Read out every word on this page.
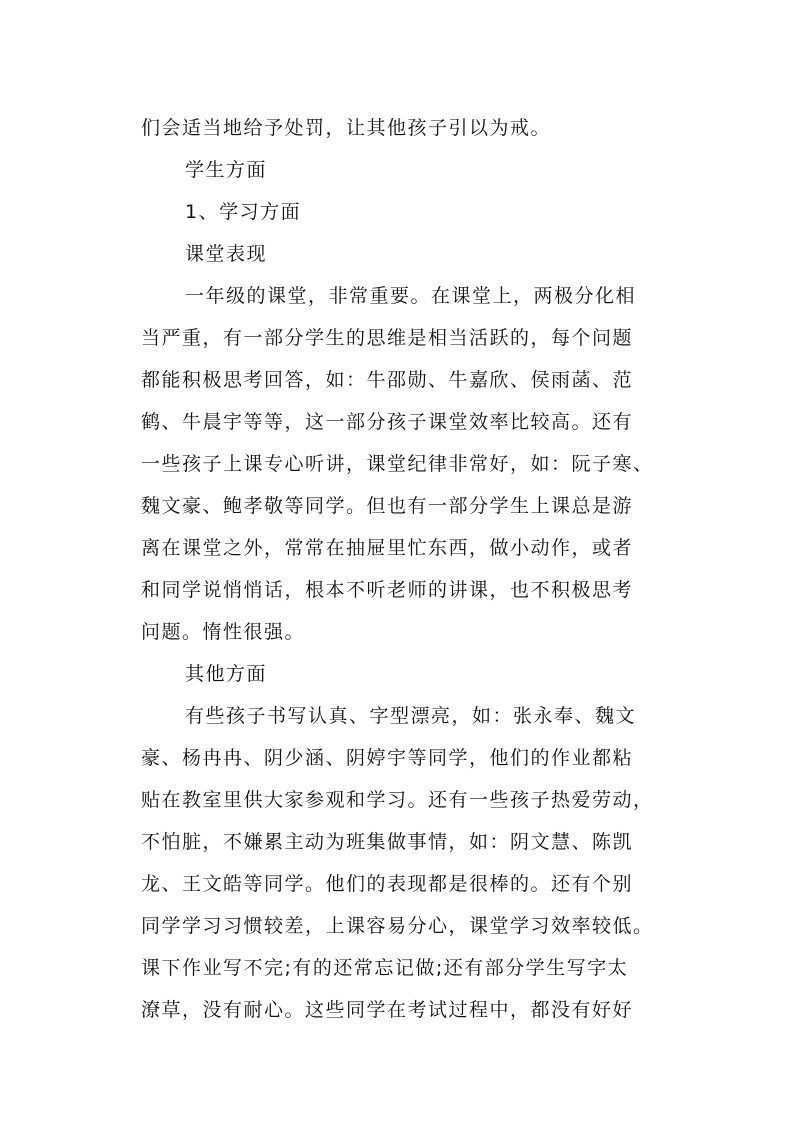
们会适当地给予处罚，让其他孩子引以为戒。
学生方面
1、学习方面
课堂表现
一年级的课堂，非常重要。在课堂上，两极分化相
当严重，有一部分学生的思维是相当活跃的，每个问题
都能积极思考回答，如：牛邵勋、牛嘉欣、侯雨菡、范
鹤、牛晨宇等等，这一部分孩子课堂效率比较高。还有
一些孩子上课专心听讲，课堂纪律非常好，如：阮子寒、
魏文豪、鲍孝敬等同学。但也有一部分学生上课总是游
离在课堂之外，常常在抽屉里忙东西，做小动作，或者
和同学说悄悄话，根本不听老师的讲课，也不积极思考
问题。惰性很强。
其他方面
有些孩子书写认真、字型漂亮，如：张永奉、魏文
豪、杨冉冉、阴少涵、阴婷宇等同学，他们的作业都粘
贴在教室里供大家参观和学习。还有一些孩子热爱劳动，
不怕脏，不嫌累主动为班集做事情，如：阴文慧、陈凯
龙、王文皓等同学。他们的表现都是很棒的。还有个别
同学学习习惯较差，上课容易分心，课堂学习效率较低。
课下作业写不完;有的还常忘记做;还有部分学生写字太
潦草，没有耐心。这些同学在考试过程中，都没有好好
